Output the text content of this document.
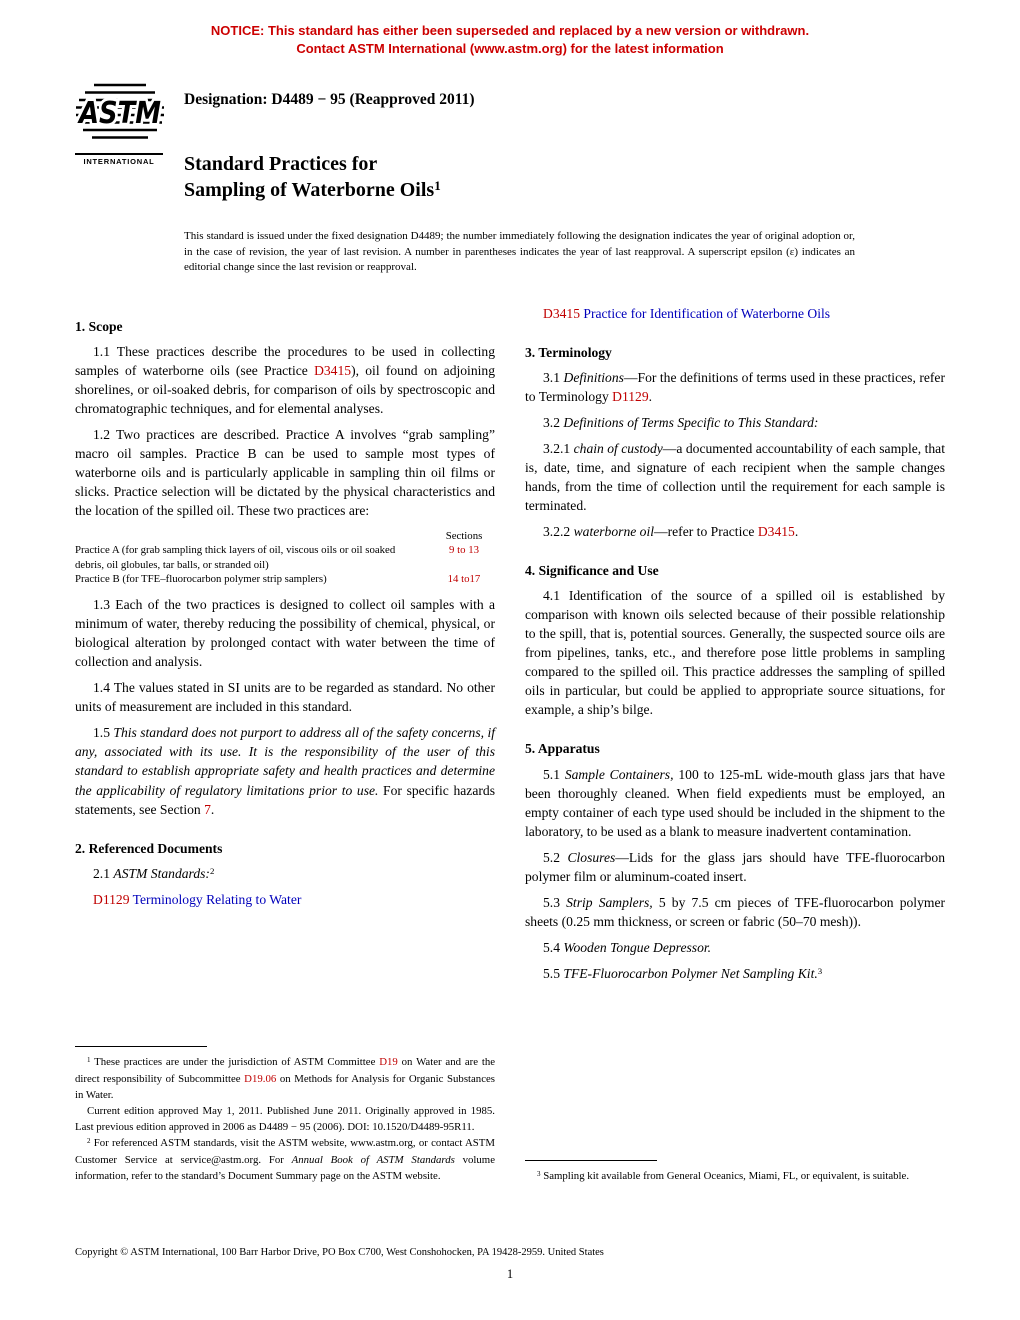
NOTICE: This standard has either been superseded and replaced by a new version or withdrawn.
Contact ASTM International (www.astm.org) for the latest information
ASTM
INTERNATIONAL
Designation: D4489 − 95 (Reapproved 2011)
Standard Practices for
Sampling of Waterborne Oils$^1$
This standard is issued under the fixed designation D4489; the number immediately following the designation indicates the year of original adoption or, in the case of revision, the year of last revision. A number in parentheses indicates the year of last reapproval. A superscript epsilon (ε) indicates an editorial change since the last revision or reapproval.

1. Scope

1.1 These practices describe the procedures to be used in collecting samples of waterborne oils (see Practice D3415), oil found on adjoining shorelines, or oil-soaked debris, for comparison of oils by spectroscopic and chromatographic techniques, and for elemental analyses.

1.2 Two practices are described. Practice A involves “grab sampling” macro oil samples. Practice B can be used to sample most types of waterborne oils and is particularly applicable in sampling thin oil films or slicks. Practice selection will be dictated by the physical characteristics and the location of the spilled oil. These two practices are:

Sections
Practice A (for grab sampling thick layers of oil, viscous oils or oil soaked debris, oil globules, tar balls, or stranded oil)
9 to 13
Practice B (for TFE–fluorocarbon polymer strip samplers)	14 to17

1.3 Each of the two practices is designed to collect oil samples with a minimum of water, thereby reducing the possibility of chemical, physical, or biological alteration by prolonged contact with water between the time of collection and analysis.

1.4 The values stated in SI units are to be regarded as standard. No other units of measurement are included in this standard.

1.5 This standard does not purport to address all of the safety concerns, if any, associated with its use. It is the responsibility of the user of this standard to establish appropriate safety and health practices and determine the applicability of regulatory limitations prior to use. For specific hazards statements, see Section 7.

2. Referenced Documents

2.1 ASTM Standards:$^2$

D1129 Terminology Relating to Water

$^1$ These practices are under the jurisdiction of ASTM Committee D19 on Water and are the direct responsibility of Subcommittee D19.06 on Methods for Analysis for Organic Substances in Water.

Current edition approved May 1, 2011. Published June 2011. Originally approved in 1985. Last previous edition approved in 2006 as D4489 − 95 (2006). DOI: 10.1520/D4489-95R11.

$^2$ For referenced ASTM standards, visit the ASTM website, www.astm.org, or contact ASTM Customer Service at service@astm.org. For Annual Book of ASTM Standards volume information, refer to the standard’s Document Summary page on the ASTM website.

D3415 Practice for Identification of Waterborne Oils

3. Terminology

3.1 Definitions—For the definitions of terms used in these practices, refer to Terminology D1129.

3.2 Definitions of Terms Specific to This Standard:

3.2.1 chain of custody—a documented accountability of each sample, that is, date, time, and signature of each recipient when the sample changes hands, from the time of collection until the requirement for each sample is terminated.

3.2.2 waterborne oil—refer to Practice D3415.

4. Significance and Use

4.1 Identification of the source of a spilled oil is established by comparison with known oils selected because of their possible relationship to the spill, that is, potential sources. Generally, the suspected source oils are from pipelines, tanks, etc., and therefore pose little problems in sampling compared to the spilled oil. This practice addresses the sampling of spilled oils in particular, but could be applied to appropriate source situations, for example, a ship’s bilge.

5. Apparatus

5.1 Sample Containers, 100 to 125-mL wide-mouth glass jars that have been thoroughly cleaned. When field expedients must be employed, an empty container of each type used should be included in the shipment to the laboratory, to be used as a blank to measure inadvertent contamination.

5.2 Closures—Lids for the glass jars should have TFE-fluorocarbon polymer film or aluminum-coated insert.

5.3 Strip Samplers, 5 by 7.5 cm pieces of TFE-fluorocarbon polymer sheets (0.25 mm thickness, or screen or fabric (50–70 mesh)).

5.4 Wooden Tongue Depressor.

5.5 TFE-Fluorocarbon Polymer Net Sampling Kit.$^3$

$^3$ Sampling kit available from General Oceanics, Miami, FL, or equivalent, is suitable.

Copyright © ASTM International, 100 Barr Harbor Drive, PO Box C700, West Conshohocken, PA 19428-2959. United States
1
